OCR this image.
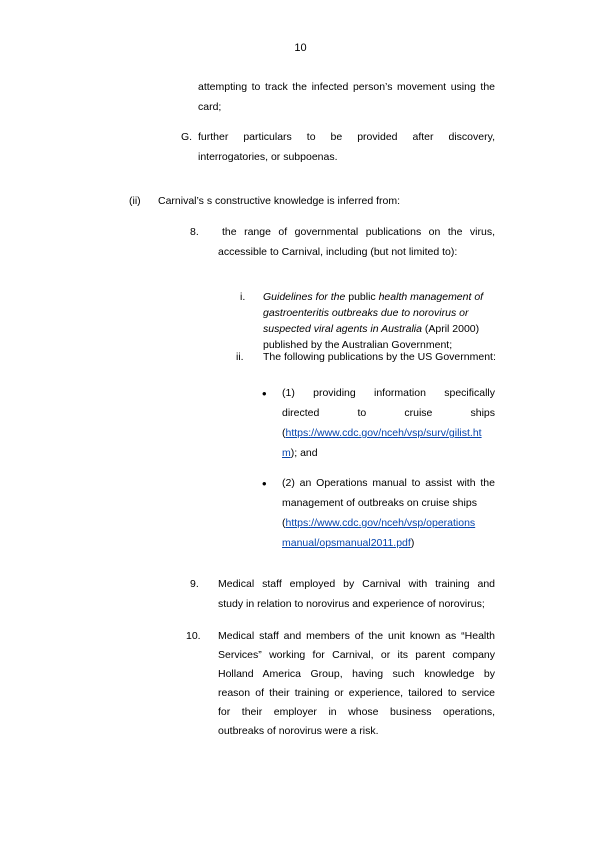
10
attempting to track the infected person’s movement using the
card;
G. further particulars to be provided after discovery,
interrogatories, or subpoenas.
(ii) Carnival’s s constructive knowledge is inferred from:
8. the range of governmental publications on the virus,
accessible to Carnival, including (but not limited to):
i. Guidelines for the public health management of
gastroenteritis outbreaks due to norovirus or
suspected viral agents in Australia (April 2000)
published by the Australian Government;
ii. The following publications by the US Government:
• (1) providing information specifically
directed to cruise ships
(https://www.cdc.gov/nceh/vsp/surv/gilist.ht
m); and
• (2) an Operations manual to assist with the
management of outbreaks on cruise ships
(https://www.cdc.gov/nceh/vsp/operations
manual/opsmanual2011.pdf)
9. Medical staff employed by Carnival with training and
study in relation to norovirus and experience of norovirus;
10. Medical staff and members of the unit known as “Health
Services” working for Carnival, or its parent company
Holland America Group, having such knowledge by
reason of their training or experience, tailored to service
for their employer in whose business operations,
outbreaks of norovirus were a risk.
